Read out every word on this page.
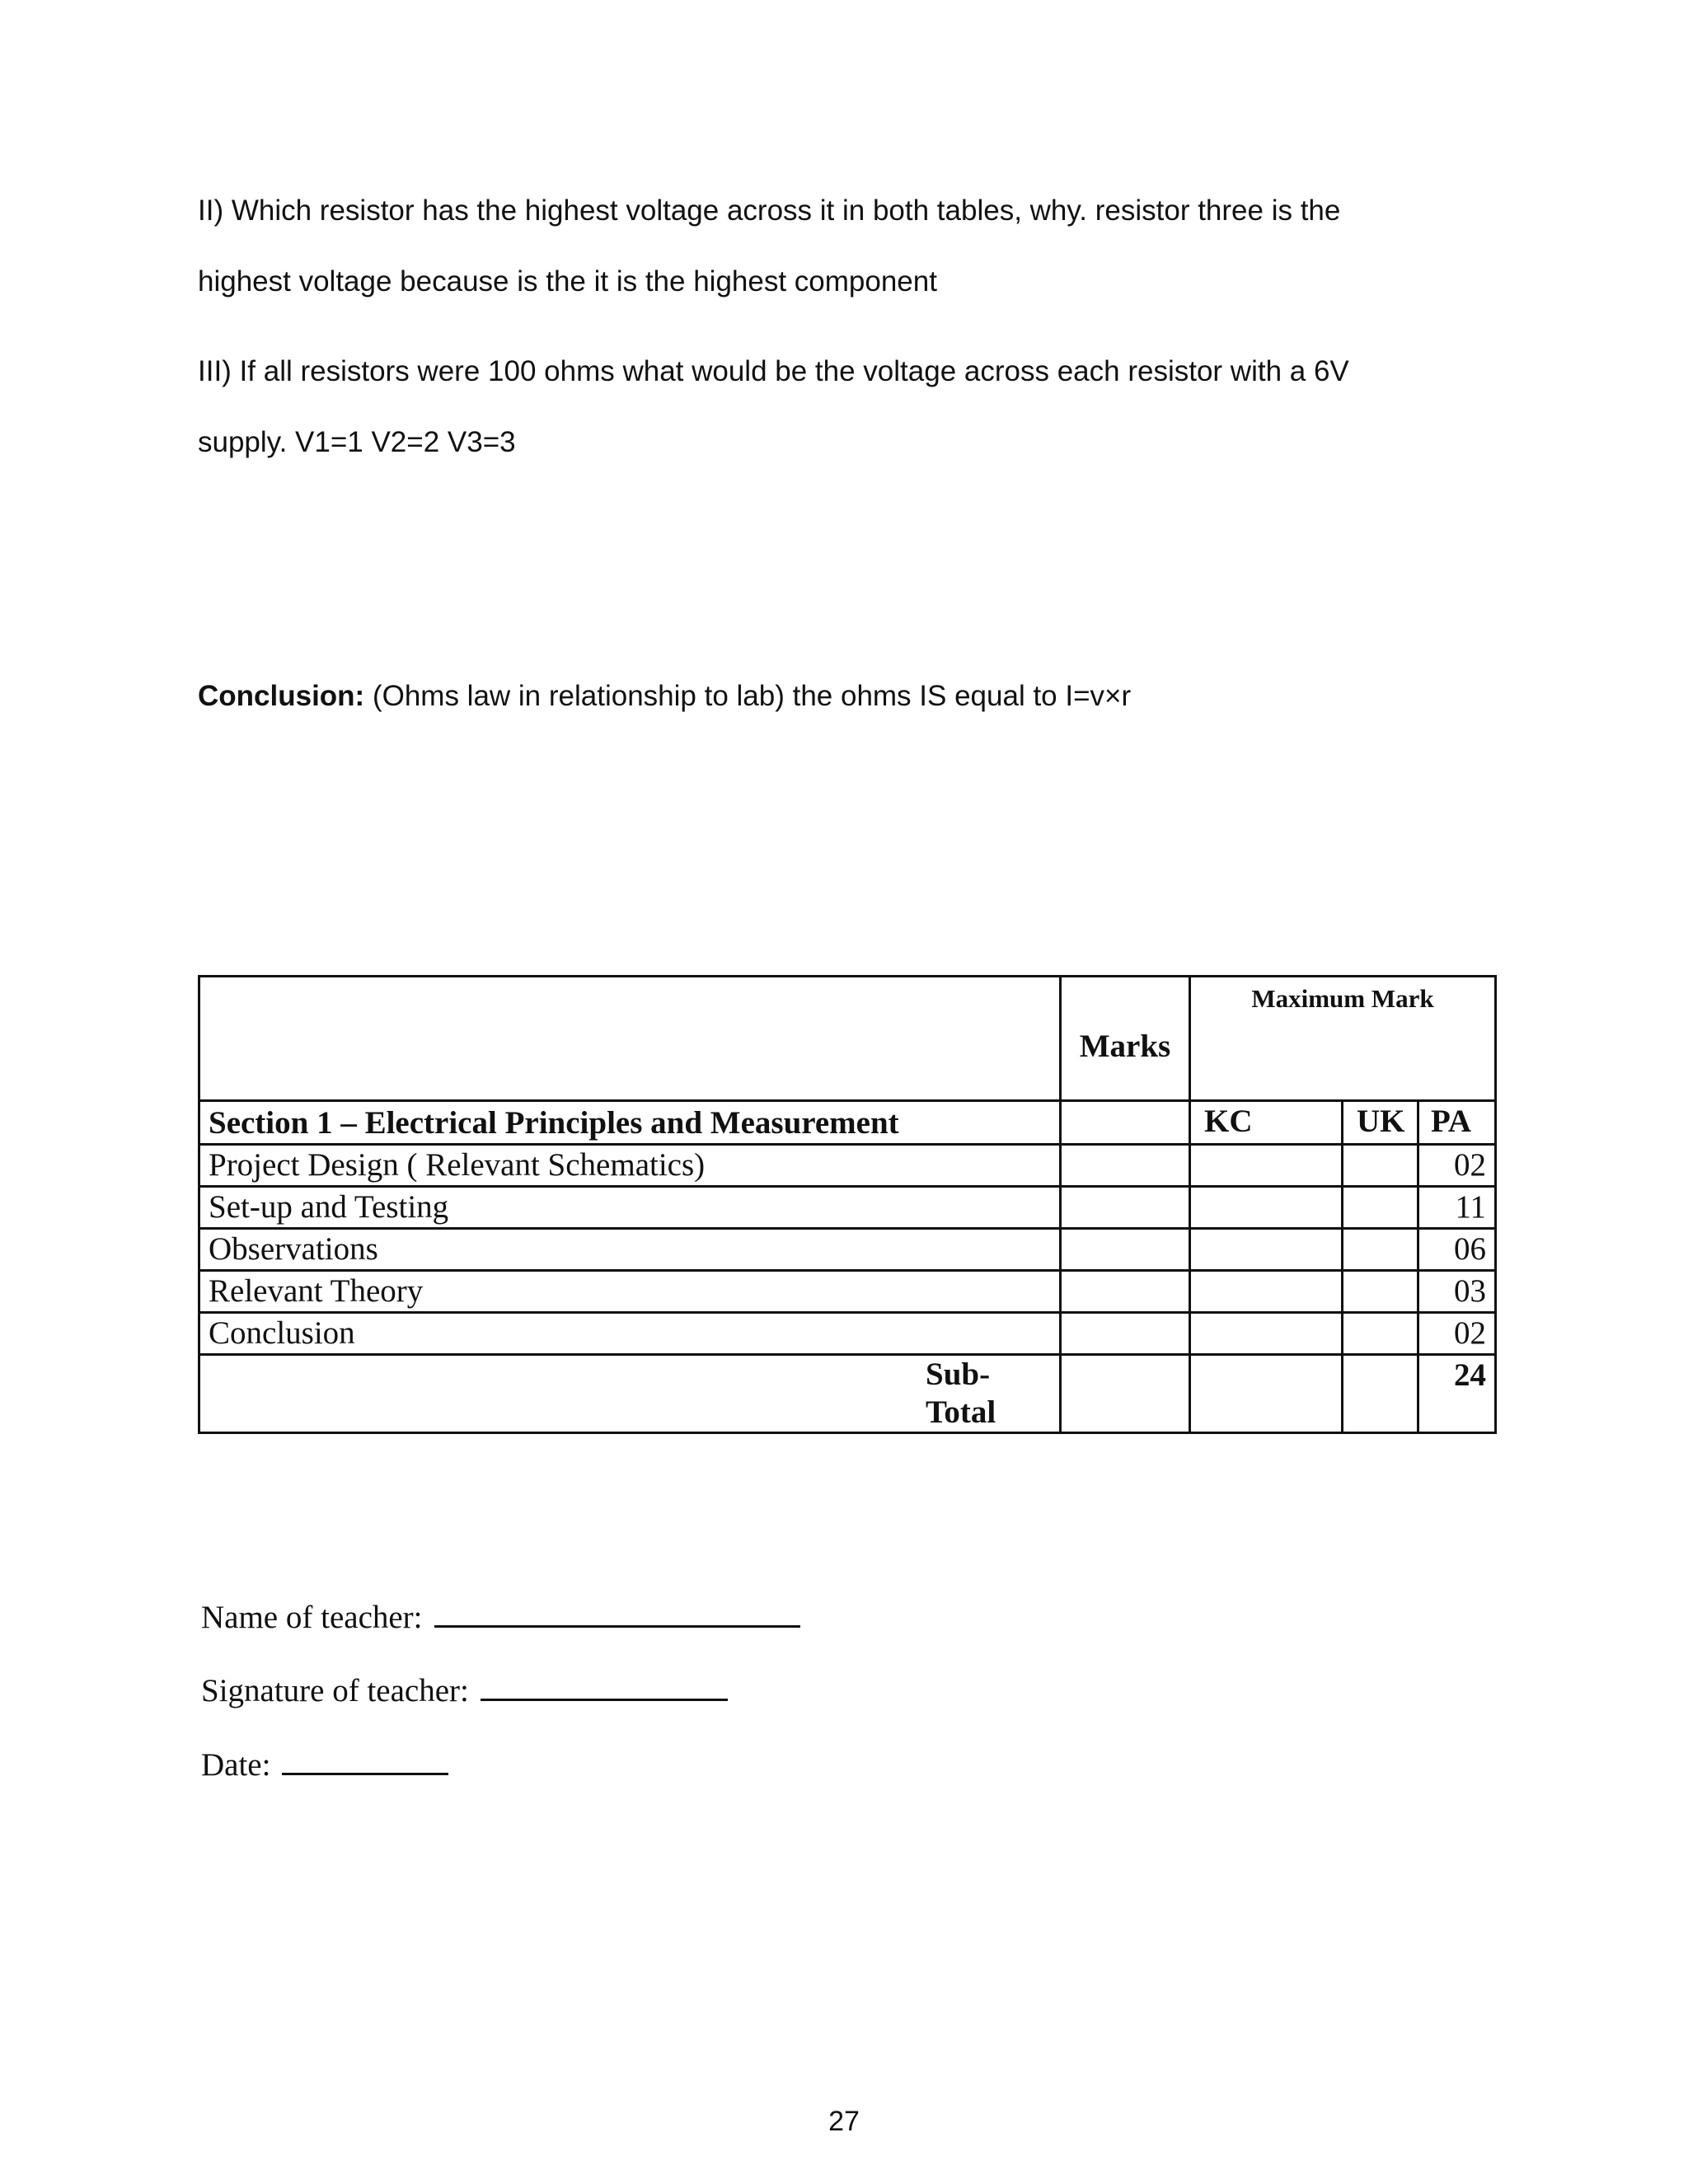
II) Which resistor has the highest voltage across it in both tables, why. resistor three is the
highest voltage because is the it is the highest component
III) If all resistors were 100 ohms what would be the voltage across each resistor with a 6V
supply. V1=1 V2=2 V3=3
Conclusion: (Ohms law in relationship to lab) the ohms IS equal to I=v×r
	Marks	Maximum Mark		
Section 1 – Electrical Principles and Measurement		KC	UK	PA
Project Design ( Relevant Schematics)				02
Set-up and Testing				11
Observations				06
Relevant Theory				03
Conclusion				02

Sub-
Total				24
Name of teacher:
Signature of teacher:
Date:
27
